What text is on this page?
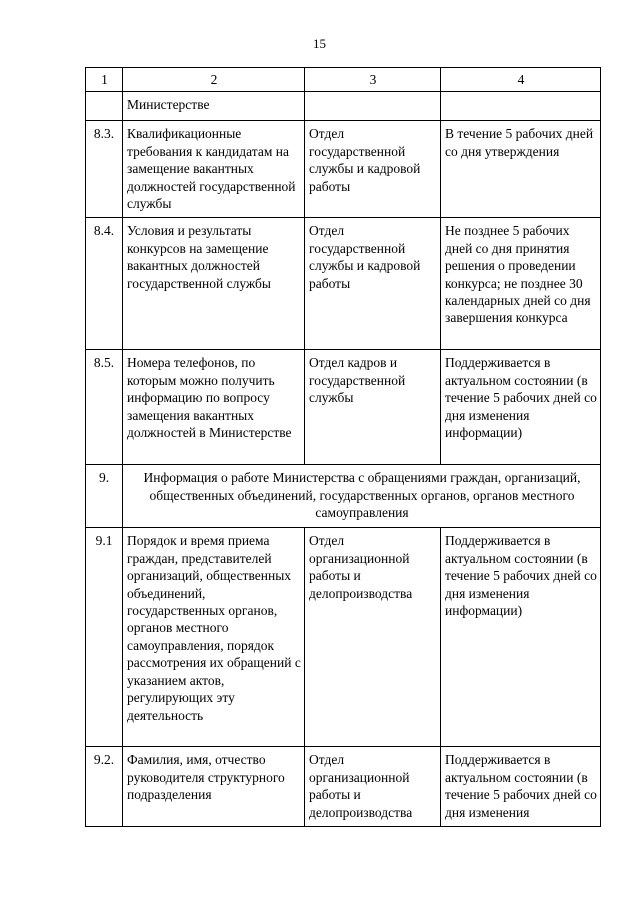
15
1	2	3	4
	Министерстве		
8.3.	Квалификационные требования к кандидатам на замещение вакантных должностей государственной службы	Отдел государственной службы и кадровой работы	В течение 5 рабочих дней со дня утверждения
8.4.	Условия и результаты конкурсов на замещение вакантных должностей государственной службы	Отдел государственной службы и кадровой работы	Не позднее 5 рабочих дней со дня принятия решения о проведении конкурса; не позднее 30 календарных дней со дня завершения конкурса
8.5.	Номера телефонов, по которым можно получить информацию по вопросу замещения вакантных должностей в Министерстве	Отдел кадров и государственной службы	Поддерживается в актуальном состоянии (в течение 5 рабочих дней со дня изменения информации)
9.	Информация о работе Министерства с обращениями граждан, организаций, общественных объединений, государственных органов, органов местного самоуправления		
9.1	Порядок и время приема граждан, представителей организаций, общественных объединений, государственных органов, органов местного самоуправления, порядок рассмотрения их обращений с указанием актов, регулирующих эту деятельность	Отдел организационной работы и делопроизводства	Поддерживается в актуальном состоянии (в течение 5 рабочих дней со дня изменения информации)
9.2.	Фамилия, имя, отчество руководителя структурного подразделения	Отдел организационной работы и делопроизводства	Поддерживается в актуальном состоянии (в течение 5 рабочих дней со дня изменения
